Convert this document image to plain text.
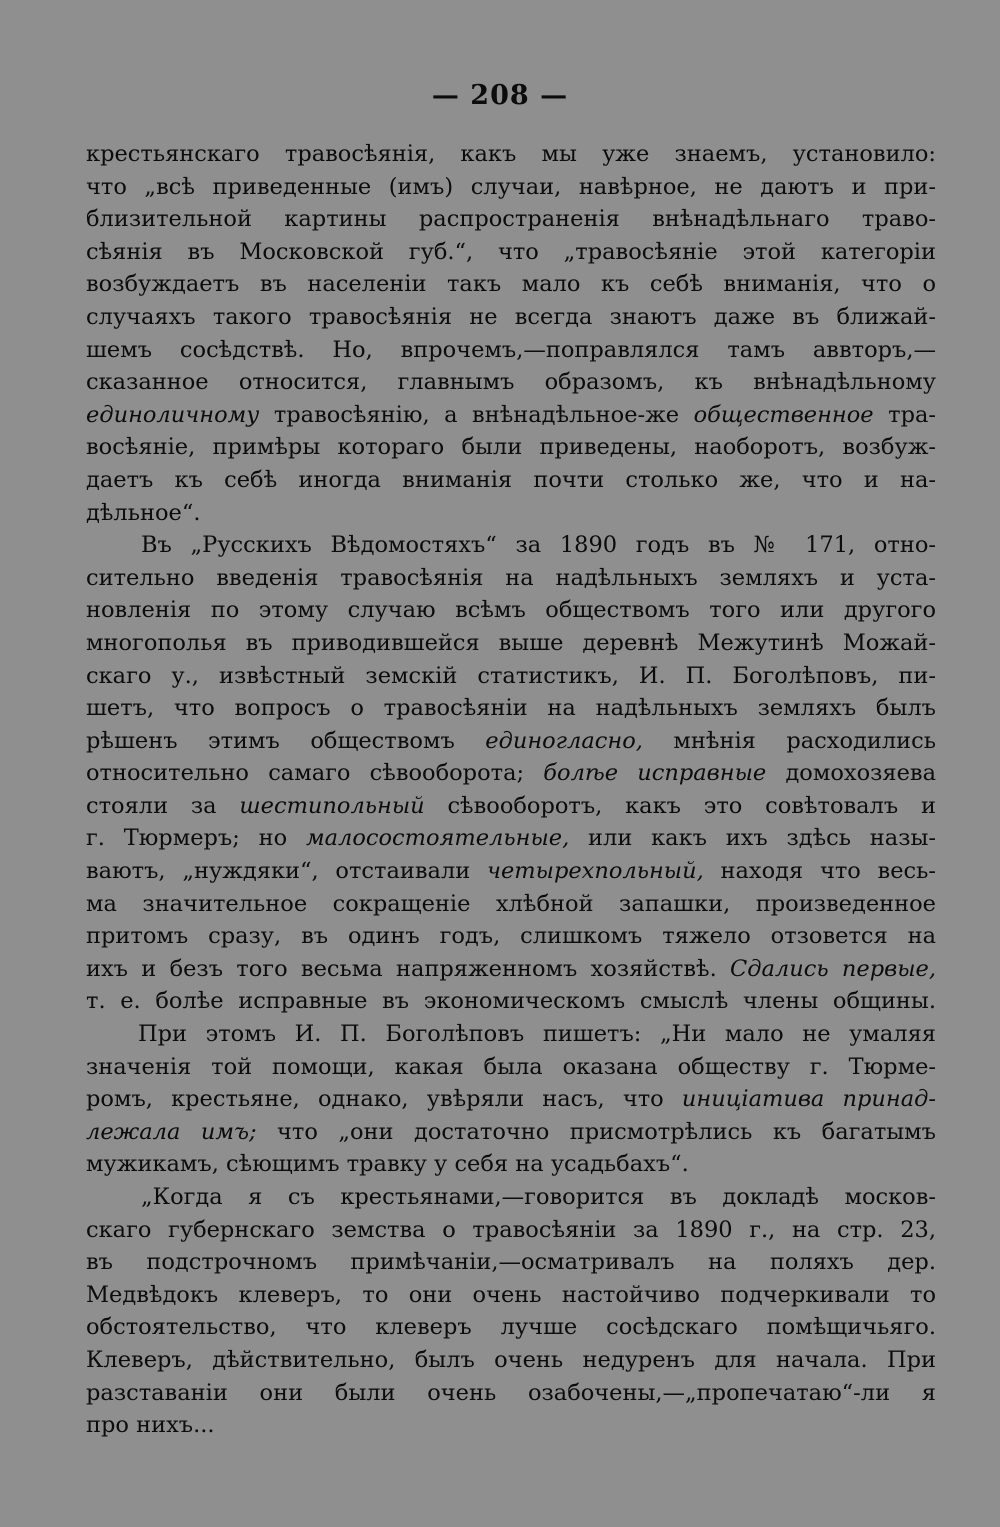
— 208 —
крестьянскаго травосѣянія, какъ мы уже знаемъ, установило:
что „всѣ приведенные (имъ) случаи, навѣрное, не даютъ и при-
близительной картины распространенія внѣнадѣльнаго траво-
сѣянія въ Московской губ.“, что „травосѣяніе этой категоріи
возбуждаетъ въ населеніи такъ мало къ себѣ вниманія, что о
случаяхъ такого травосѣянія не всегда знаютъ даже въ ближай-
шемъ сосѣдствѣ. Но, впрочемъ,—поправлялся тамъ аввторъ,—
сказанное относится, главнымъ образомъ, къ внѣнадѣльному
единоличному травосѣянію, а внѣнадѣльное-же общественное тра-
восѣяніе, примѣры котораго были приведены, наоборотъ, возбуж-
даетъ къ себѣ иногда вниманія почти столько же, что и на-
дѣльное“.
Въ „Русскихъ Вѣдомостяхъ“ за 1890 годъ въ № 171, отно-
сительно введенія травосѣянія на надѣльныхъ земляхъ и уста-
новленія по этому случаю всѣмъ обществомъ того или другого
многополья въ приводившейся выше деревнѣ Межутинѣ Можай-
скаго у., извѣстный земскій статистикъ, И. П. Боголѣповъ, пи-
шетъ, что вопросъ о травосѣяніи на надѣльныхъ земляхъ былъ
рѣшенъ этимъ обществомъ единогласно, мнѣнія расходились
относительно самаго сѣвооборота; болѣе исправные домохозяева
стояли за шестипольный сѣвооборотъ, какъ это совѣтовалъ и
г. Тюрмеръ; но малосостоятельные, или какъ ихъ здѣсь назы-
ваютъ, „нуждяки“, отстаивали четырехпольный, находя что весь-
ма значительное сокращеніе хлѣбной запашки, произведенное
притомъ сразу, въ одинъ годъ, слишкомъ тяжело отзовется на
ихъ и безъ того весьма напряженномъ хозяйствѣ. Сдались первые,
т. е. болѣе исправные въ экономическомъ смыслѣ члены общины.
При этомъ И. П. Боголѣповъ пишетъ: „Ни мало не умаляя
значенія той помощи, какая была оказана обществу г. Тюрме-
ромъ, крестьяне, однако, увѣряли насъ, что иниціатива принад-
лежала имъ; что „они достаточно присмотрѣлись къ багатымъ
мужикамъ, сѣющимъ травку у себя на усадьбахъ“.
„Когда я съ крестьянами,—говорится въ докладѣ москов-
скаго губернскаго земства о травосѣяніи за 1890 г., на стр. 23,
въ подстрочномъ примѣчаніи,—осматривалъ на поляхъ дер.
Медвѣдокъ клеверъ, то они очень настойчиво подчеркивали то
обстоятельство, что клеверъ лучше сосѣдскаго помѣщичьяго.
Клеверъ, дѣйствительно, былъ очень недуренъ для начала. При
разставаніи они были очень озабочены,—„пропечатаю“-ли я
про нихъ...
